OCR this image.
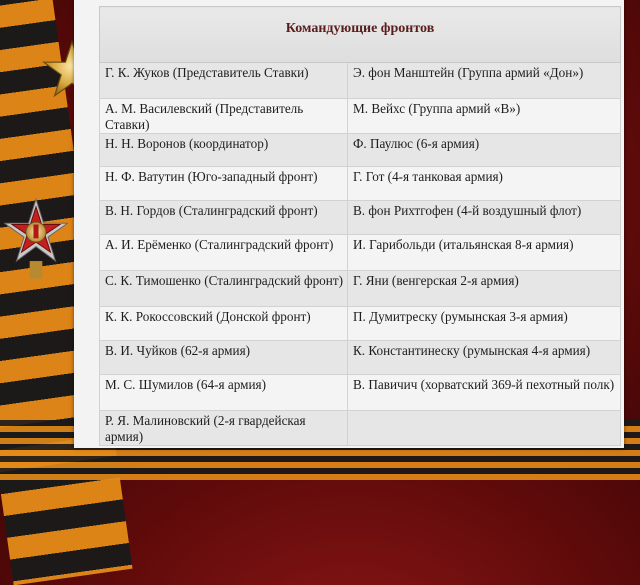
Командующие фронтов	
Г. К. Жуков (Представитель Ставки)	Э. фон Манштейн (Группа армий «Дон»)
А. М. Василевский (Представитель Ставки)	М. Вейхс (Группа армий «В»)
Н. Н. Воронов (координатор)	Ф. Паулюс (6-я армия)
Н. Ф. Ватутин (Юго-западный фронт)	Г. Гот (4-я танковая армия)
В. Н. Гордов (Сталинградский фронт)	В. фон Рихтгофен (4-й воздушный флот)
А. И. Ерёменко (Сталинградский фронт)	И. Гарибольди (итальянская 8-я армия)
С. К. Тимошенко (Сталинградский фронт)	Г. Яни (венгерская 2-я армия)
К. К. Рокоссовский (Донской фронт)	П. Думитреску (румынская 3-я армия)
В. И. Чуйков (62-я армия)	К. Константинеску (румынская 4-я армия)
М. С. Шумилов (64-я армия)	В. Павичич (хорватский 369-й пехотный полк)
Р. Я. Малиновский (2-я гвардейская армия)	
